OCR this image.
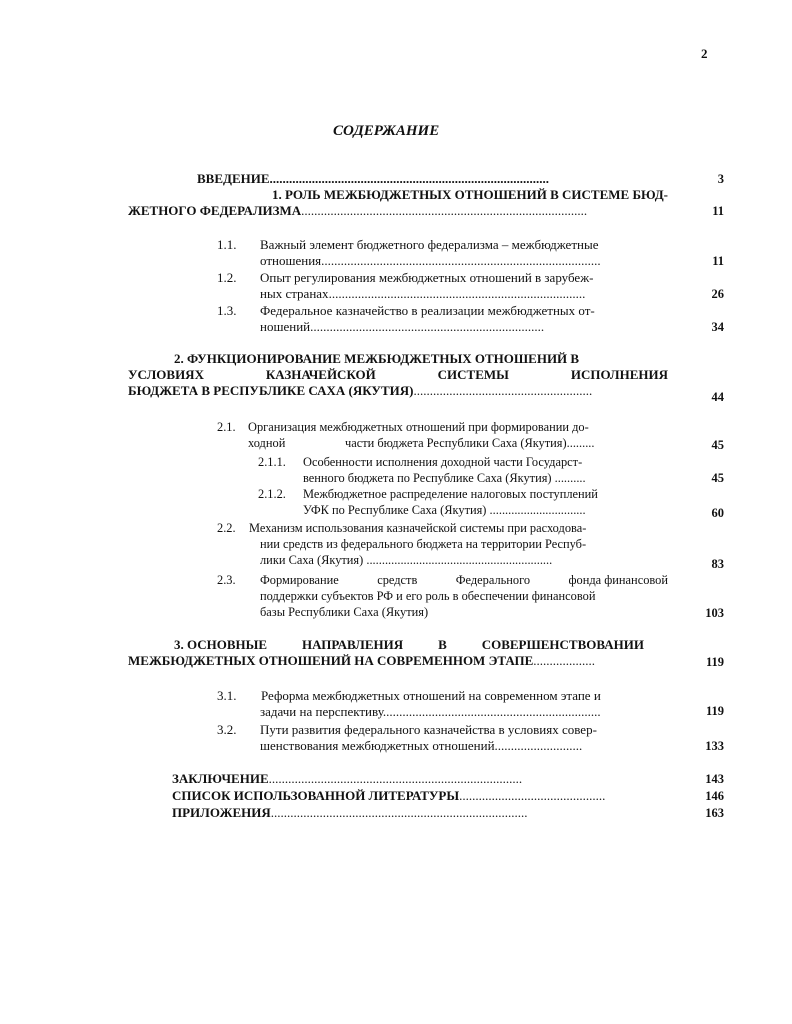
2
СОДЕРЖАНИЕ
ВВЕДЕНИЕ......................................................................................	3
1. РОЛЬ МЕЖБЮДЖЕТНЫХ ОТНОШЕНИЙ В СИСТЕМЕ БЮД-
ЖЕТНОГО ФЕДЕРАЛИЗМА........................................................................................	11
1.1. Важный элемент бюджетного федерализма – межбюджетные
отношения......................................................................................	11
1.2. Опыт регулирования межбюджетных отношений в зарубеж-
ных странах...............................................................................	26
1.3. Федеральное казначейство в реализации межбюджетных от-
ношений........................................................................	34
2. ФУНКЦИОНИРОВАНИЕ МЕЖБЮДЖЕТНЫХ ОТНОШЕНИЙ В
УСЛОВИЯХ	КАЗНАЧЕЙСКОЙ	СИСТЕМЫ	ИСПОЛНЕНИЯ
БЮДЖЕТА В РЕСПУБЛИКЕ САХА (ЯКУТИЯ).......................................................	44
2.1. Организация межбюджетных отношений при формировании до-
ходной	части бюджета Республики Саха (Якутия).........	45
2.1.1. Особенности исполнения доходной части Государст-
венного бюджета по Республике Саха (Якутия) ..........	45
2.1.2. Межбюджетное распределение налоговых поступлений
УФК по Республике Саха (Якутия) ...............................	60
2.2. Механизм использования казначейской системы при расходова-
нии средств из федерального бюджета на территории Респуб-
лики Саха (Якутия) ............................................................	83
2.3. Формирование	средств	Федерального	фонда финансовой
поддержки субъектов РФ и его роль в обеспечении финансовой
базы Республики Саха (Якутия)	103
3. ОСНОВНЫЕ	НАПРАВЛЕНИЯ	В	СОВЕРШЕНСТВОВАНИИ
МЕЖБЮДЖЕТНЫХ ОТНОШЕНИЙ НА СОВРЕМЕННОМ ЭТАПЕ...................	119
3.1. Реформа межбюджетных отношений на современном этапе и
задачи на перспективу...................................................................	119
3.2. Пути развития федерального казначейства в условиях совер-
шенствования межбюджетных отношений...........................	133
ЗАКЛЮЧЕНИЕ..............................................................................	143
СПИСОК ИСПОЛЬЗОВАННОЙ ЛИТЕРАТУРЫ.............................................	146
ПРИЛОЖЕНИЯ...............................................................................	163
